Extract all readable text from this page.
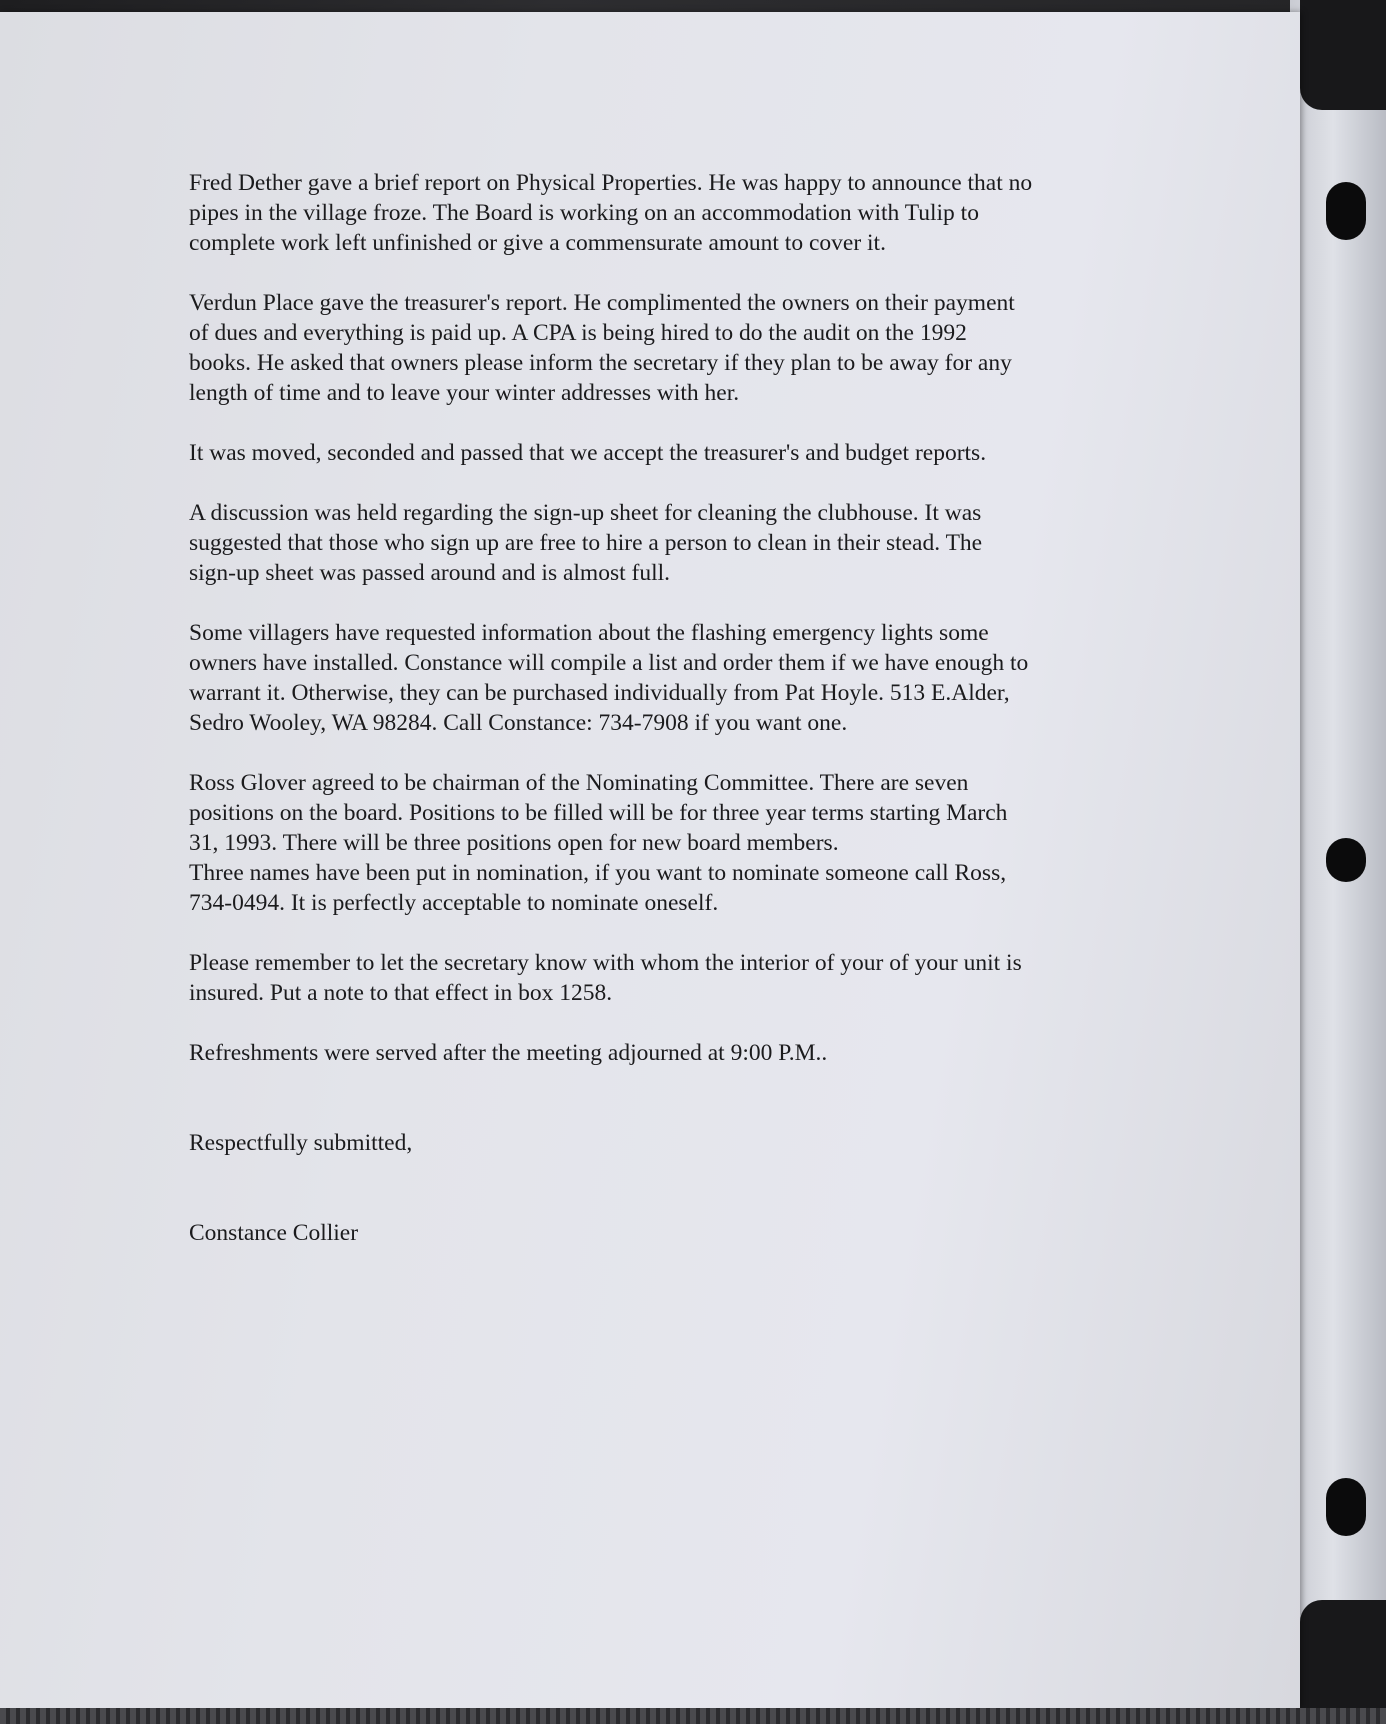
Fred Dether gave a brief report on Physical Properties. He was happy to announce that no
pipes in the village froze. The Board is working on an accommodation with Tulip to
complete work left unfinished or give a commensurate amount to cover it.

Verdun Place gave the treasurer's report. He complimented the owners on their payment
of dues and everything is paid up. A CPA is being hired to do the audit on the 1992
books. He asked that owners please inform the secretary if they plan to be away for any
length of time and to leave your winter addresses with her.

It was moved, seconded and passed that we accept the treasurer's and budget reports.

A discussion was held regarding the sign-up sheet for cleaning the clubhouse. It was
suggested that those who sign up are free to hire a person to clean in their stead. The
sign-up sheet was passed around and is almost full.

Some villagers have requested information about the flashing emergency lights some
owners have installed. Constance will compile a list and order them if we have enough to
warrant it. Otherwise, they can be purchased individually from Pat Hoyle. 513 E.Alder,
Sedro Wooley, WA 98284. Call Constance: 734-7908 if you want one.

Ross Glover agreed to be chairman of the Nominating Committee. There are seven
positions on the board. Positions to be filled will be for three year terms starting March
31, 1993. There will be three positions open for new board members.
Three names have been put in nomination, if you want to nominate someone call Ross,
734-0494. It is perfectly acceptable to nominate oneself.

Please remember to let the secretary know with whom the interior of your of your unit is
insured. Put a note to that effect in box 1258.

Refreshments were served after the meeting adjourned at 9:00 P.M..

Respectfully submitted,

Constance Collier
